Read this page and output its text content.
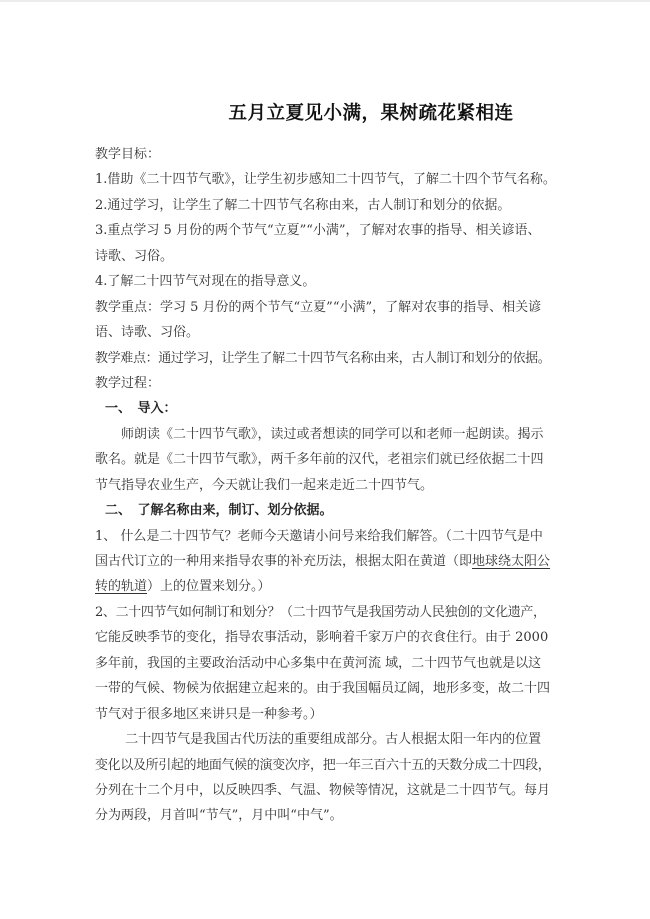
五月立夏见小满，果树疏花紧相连
教学目标：
1.借助《二十四节气歌》，让学生初步感知二十四节气，了解二十四个节气名称。
2.通过学习，让学生了解二十四节气名称由来，古人制订和划分的依据。
3.重点学习 5 月份的两个节气“立夏”“小满”，了解对农事的指导、相关谚语、
诗歌、习俗。
4.了解二十四节气对现在的指导意义。
教学重点：学习 5 月份的两个节气“立夏”“小满”，了解对农事的指导、相关谚
语、诗歌、习俗。
教学难点：通过学习，让学生了解二十四节气名称由来，古人制订和划分的依据。
教学过程：
一、　导入：
　　师朗读《二十四节气歌》，读过或者想读的同学可以和老师一起朗读。揭示
歌名。就是《二十四节气歌》，两千多年前的汉代，老祖宗们就已经依据二十四
节气指导农业生产，今天就让我们一起来走近二十四节气。
二、　了解名称由来，制订、划分依据。
1、 什么是二十四节气？老师今天邀请小问号来给我们解答。（二十四节气是中
国古代订立的一种用来指导农事的补充历法，根据太阳在黄道（即地球绕太阳公
转的轨道）上的位置来划分。）
2、二十四节气如何制订和划分？（二十四节气是我国劳动人民独创的文化遗产，
它能反映季节的变化，指导农事活动，影响着千家万户的衣食住行。由于 2000
多年前，我国的主要政治活动中心多集中在黄河流 域，二十四节气也就是以这
一带的气候、物候为依据建立起来的。由于我国幅员辽阔，地形多变，故二十四
节气对于很多地区来讲只是一种参考。）
　　 二十四节气是我国古代历法的重要组成部分。古人根据太阳一年内的位置
变化以及所引起的地面气候的演变次序，把一年三百六十五的天数分成二十四段，
分列在十二个月中，以反映四季、气温、物候等情况，这就是二十四节气。每月
分为两段，月首叫“节气”，月中叫“中气”。
